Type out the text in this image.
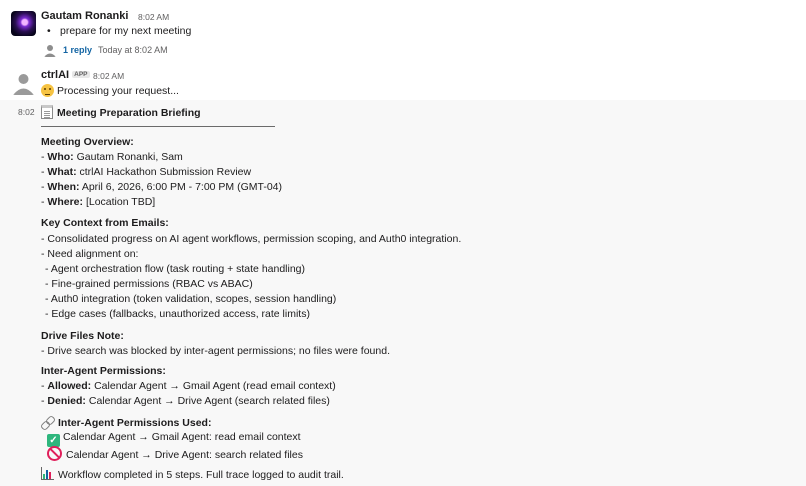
Gautam Ronanki 8:02 AM
• prepare for my next meeting
1 reply Today at 8:02 AM
ctrlAI APP 8:02 AM
Processing your request...
8:02	Meeting Preparation Briefing
Meeting Overview:
- Who: Gautam Ronanki, Sam
- What: ctrlAI Hackathon Submission Review
- When: April 6, 2026, 6:00 PM - 7:00 PM (GMT-04)
- Where: [Location TBD]
Key Context from Emails:
- Consolidated progress on AI agent workflows, permission scoping, and Auth0 integration.
- Need alignment on:
- Agent orchestration flow (task routing + state handling)
- Fine-grained permissions (RBAC vs ABAC)
- Auth0 integration (token validation, scopes, session handling)
- Edge cases (fallbacks, unauthorized access, rate limits)
Drive Files Note:
- Drive search was blocked by inter-agent permissions; no files were found.
Inter-Agent Permissions:
- Allowed: Calendar Agent → Gmail Agent (read email context)
- Denied: Calendar Agent → Drive Agent (search related files)
Inter-Agent Permissions Used:
✓ Calendar Agent → Gmail Agent: read email context
Calendar Agent → Drive Agent: search related files
Workflow completed in 5 steps. Full trace logged to audit trail.
